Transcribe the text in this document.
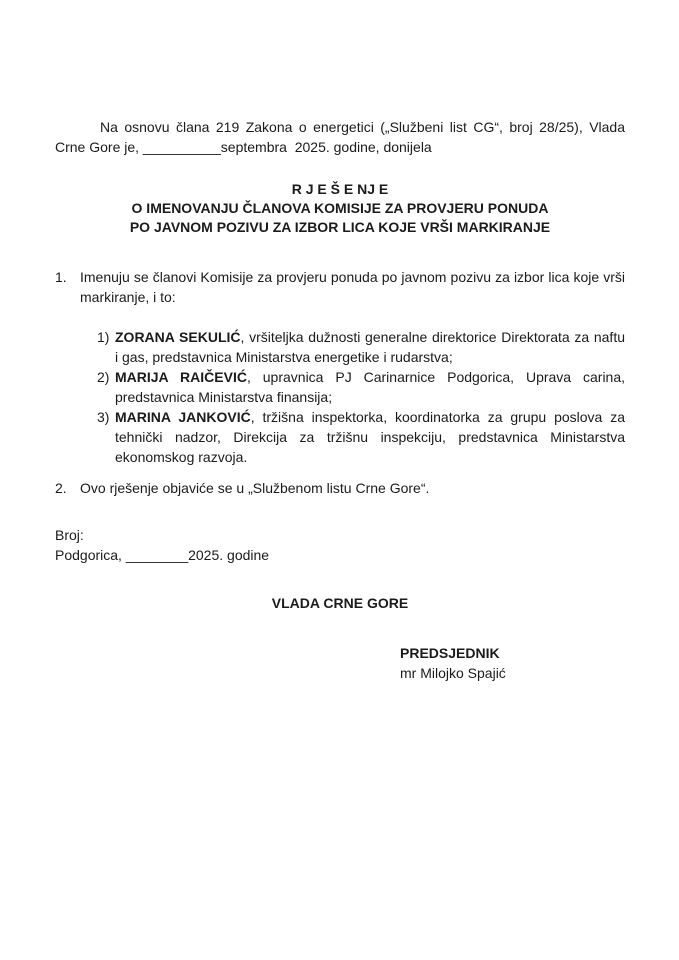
Na osnovu člana 219 Zakona o energetici („Službeni list CG“, broj 28/25), Vlada Crne Gore je, __________septembra  2025. godine, donijela

R J E Š E NJ E
O IMENOVANJU ČLANOVA KOMISIJE ZA PROVJERU PONUDA
PO JAVNOM POZIVU ZA IZBOR LICA KOJE VRŠI MARKIRANJE
1. Imenuju se članovi Komisije za provjeru ponuda po javnom pozivu za izbor lica koje vrši markiranje, i to:
1) ZORANA SEKULIĆ, vršiteljka dužnosti generalne direktorice Direktorata za naftu i gas, predstavnica Ministarstva energetike i rudarstva;
2) MARIJA RAIČEVIĆ, upravnica PJ Carinarnice Podgorica, Uprava carina, predstavnica Ministarstva finansija;
3) MARINA JANKOVIĆ, tržišna inspektorka, koordinatorka za grupu poslova za tehnički nadzor, Direkcija za tržišnu inspekciju, predstavnica Ministarstva ekonomskog razvoja.
2. Ovo rješenje objaviće se u „Službenom listu Crne Gore“.
Broj:
Podgorica, ________2025. godine
VLADA CRNE GORE
PREDSJEDNIK
mr Milojko Spajić
